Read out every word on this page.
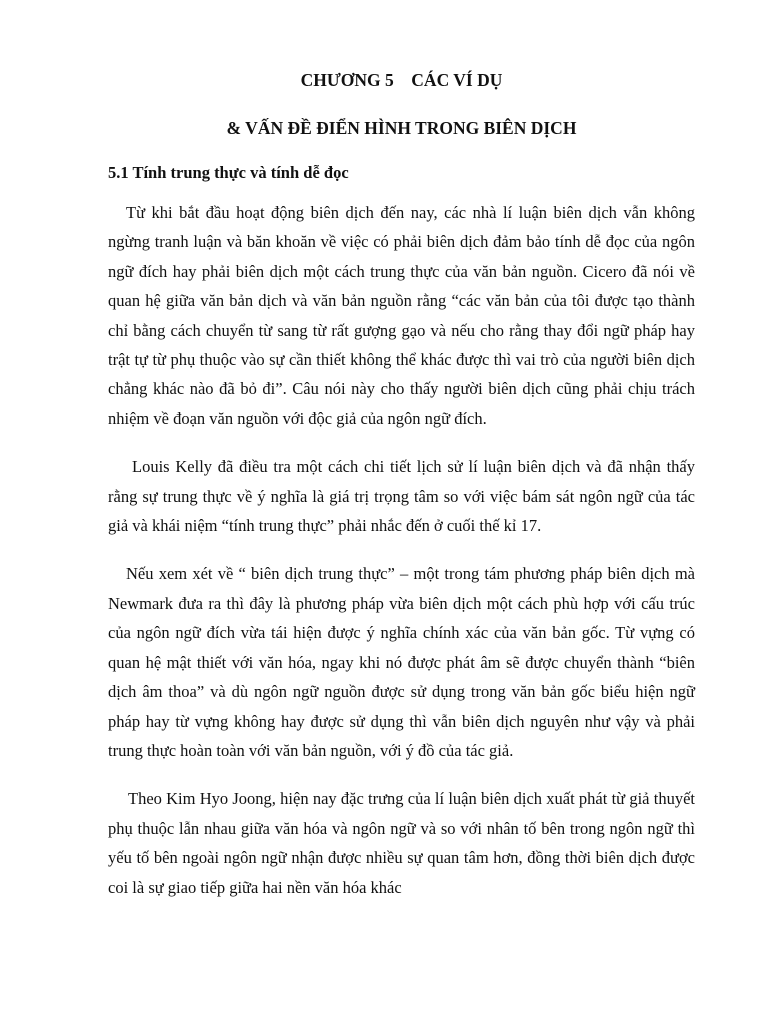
CHƯƠNG 5    CÁC VÍ DỤ
& VẤN ĐỀ ĐIỂN HÌNH TRONG BIÊN DỊCH
5.1 Tính trung thực và tính dễ đọc

Từ khi bắt đầu hoạt động biên dịch đến nay, các nhà lí luận biên dịch vẫn không ngừng tranh luận và băn khoăn về việc có phải biên dịch đảm bảo tính dễ đọc của ngôn ngữ đích hay phải biên dịch một cách trung thực của văn bản nguồn. Cicero đã nói về quan hệ giữa văn bản dịch và văn bản nguồn rằng “các văn bản của tôi được tạo thành chỉ bằng cách chuyển từ sang từ rất gượng gạo và nếu cho rằng thay đổi ngữ pháp hay trật tự từ phụ thuộc vào sự cần thiết không thể khác được thì vai trò của người biên dịch chẳng khác nào đã bỏ đi”. Câu nói này cho thấy người biên dịch cũng phải chịu trách nhiệm về đoạn văn nguồn với độc giả của ngôn ngữ đích.

Louis Kelly đã điều tra một cách chi tiết lịch sử lí luận biên dịch và đã nhận thấy rằng sự trung thực về ý nghĩa là giá trị trọng tâm so với việc bám sát ngôn ngữ của tác giả và khái niệm “tính trung thực” phải nhắc đến ở cuối thế kỉ 17.

Nếu xem xét về “ biên dịch trung thực” – một trong tám phương pháp biên dịch mà Newmark đưa ra thì đây là phương pháp vừa biên dịch một cách phù hợp với cấu trúc của ngôn ngữ đích vừa tái hiện được ý nghĩa chính xác của văn bản gốc. Từ vựng có quan hệ mật thiết với văn hóa, ngay khi nó được phát âm sẽ được chuyển thành “biên dịch âm thoa” và dù ngôn ngữ nguồn được sử dụng trong văn bản gốc biểu hiện ngữ pháp hay từ vựng không hay được sử dụng thì vẫn biên dịch nguyên như vậy và phải trung thực hoàn toàn với văn bản nguồn, với ý đồ của tác giả.

Theo Kim Hyo Joong, hiện nay đặc trưng của lí luận biên dịch xuất phát từ giả thuyết phụ thuộc lẫn nhau giữa văn hóa và ngôn ngữ và so với nhân tố bên trong ngôn ngữ thì yếu tố bên ngoài ngôn ngữ nhận được nhiều sự quan tâm hơn, đồng thời biên dịch được coi là sự giao tiếp giữa hai nền văn hóa khác
